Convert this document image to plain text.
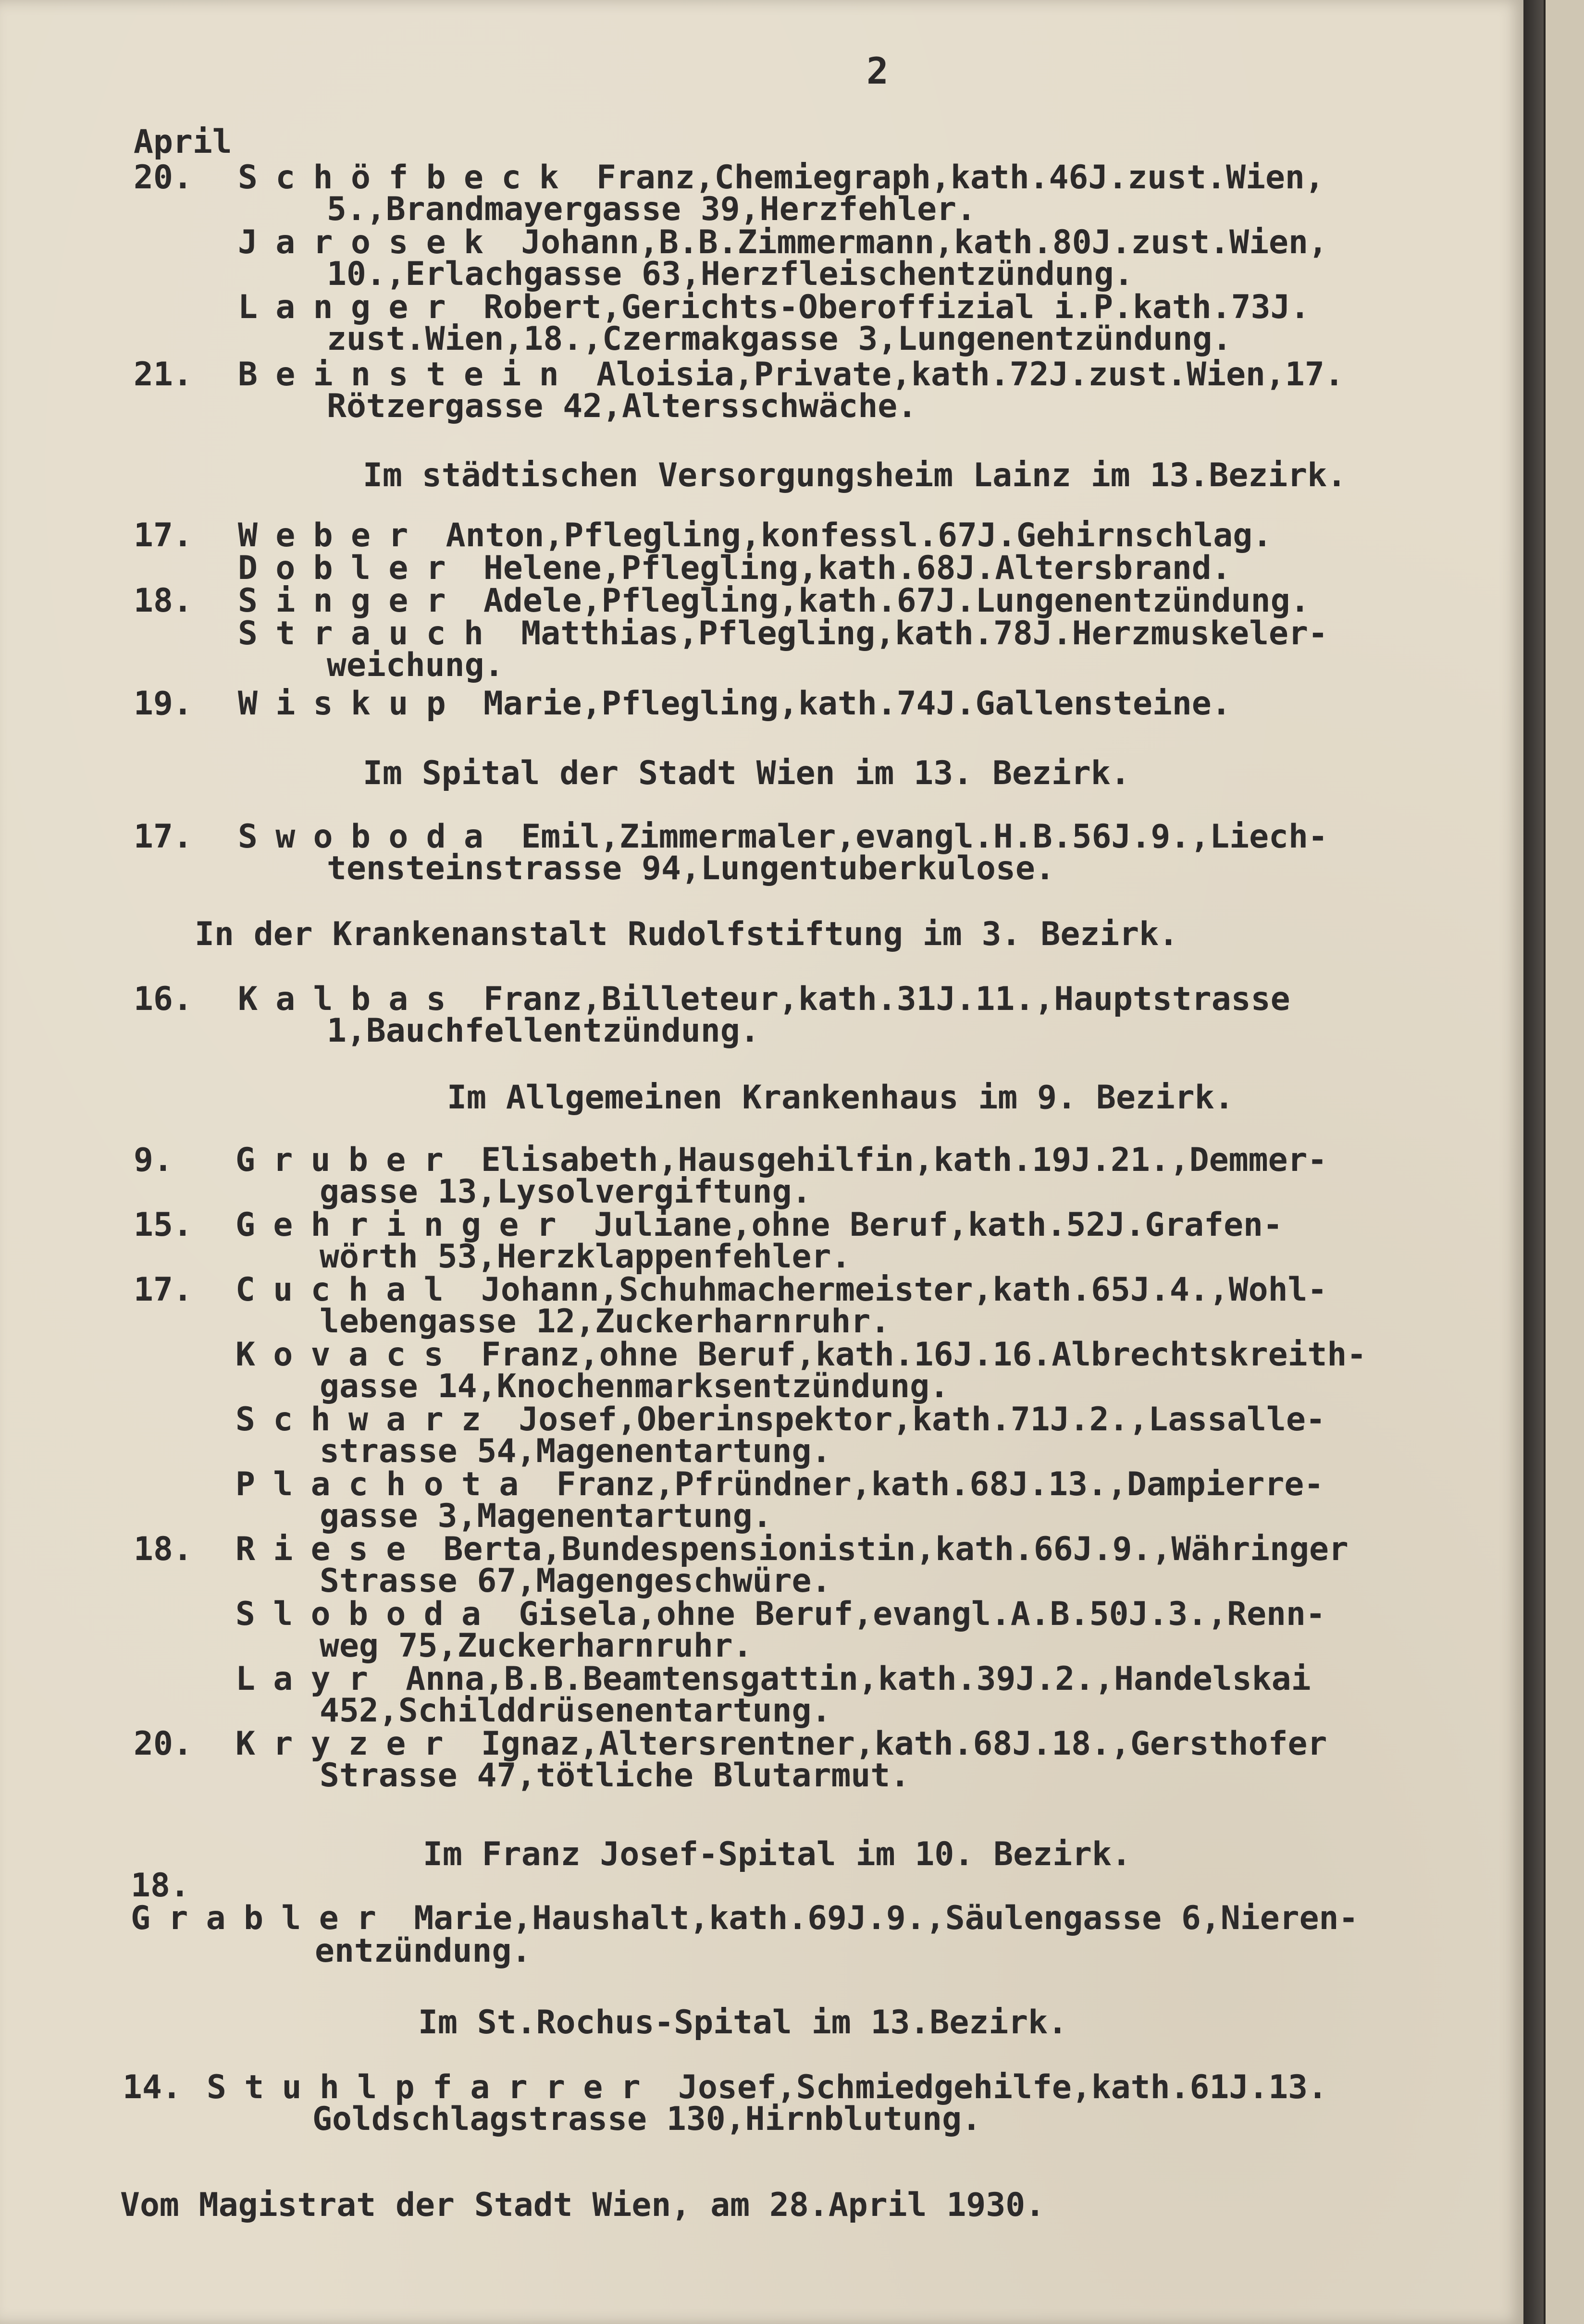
2
April
20. Schöfbeck Franz,Chemiegraph,kath.46J.zust.Wien,
5.,Brandmayergasse 39,Herzfehler.
Jarosek Johann,B.B.Zimmermann,kath.80J.zust.Wien,
10.,Erlachgasse 63,Herzfleischentzündung.
Langer Robert,Gerichts-Oberoffizial i.P.kath.73J.
zust.Wien,18.,Czermakgasse 3,Lungenentzündung.
21. Beinstein Aloisia,Private,kath.72J.zust.Wien,17.
Rötzergasse 42,Altersschwäche.
Im städtischen Versorgungsheim Lainz im 13.Bezirk.
17. Weber Anton,Pflegling,konfessl.67J.Gehirnschlag.
Dobler Helene,Pflegling,kath.68J.Altersbrand.
18. Singer Adele,Pflegling,kath.67J.Lungenentzündung.
Strauch Matthias,Pflegling,kath.78J.Herzmuskeler-
weichung.
19. Wiskup Marie,Pflegling,kath.74J.Gallensteine.
Im Spital der Stadt Wien im 13. Bezirk.
17. Swoboda Emil,Zimmermaler,evangl.H.B.56J.9.,Liech-
tensteinstrasse 94,Lungentuberkulose.
In der Krankenanstalt Rudolfstiftung im 3. Bezirk.
16. Kalbas Franz,Billeteur,kath.31J.11.,Hauptstrasse
1,Bauchfellentzündung.
Im Allgemeinen Krankenhaus im 9. Bezirk.
9. Gruber Elisabeth,Hausgehilfin,kath.19J.21.,Demmer-
gasse 13,Lysolvergiftung.
15. Gehringer Juliane,ohne Beruf,kath.52J.Grafen-
wörth 53,Herzklappenfehler.
17. Cuchal Johann,Schuhmachermeister,kath.65J.4.,Wohl-
lebengasse 12,Zuckerharnruhr.
Kovacs Franz,ohne Beruf,kath.16J.16.Albrechtskreith-
gasse 14,Knochenmarksentzündung.
Schwarz Josef,Oberinspektor,kath.71J.2.,Lassalle-
strasse 54,Magenentartung.
Plachota Franz,Pfründner,kath.68J.13.,Dampierre-
gasse 3,Magenentartung.
18. Riese Berta,Bundespensionistin,kath.66J.9.,Währinger
Strasse 67,Magengeschwüre.
Sloboda Gisela,ohne Beruf,evangl.A.B.50J.3.,Renn-
weg 75,Zuckerharnruhr.
Layr Anna,B.B.Beamtensgattin,kath.39J.2.,Handelskai
452,Schilddrüsenentartung.
20. Kryzer Ignaz,Altersrentner,kath.68J.18.,Gersthofer
Strasse 47,tötliche Blutarmut.
Im Franz Josef-Spital im 10. Bezirk.
18.
Grabler Marie,Haushalt,kath.69J.9.,Säulengasse 6,Nieren-
entzündung.
Im St.Rochus-Spital im 13.Bezirk.
14. Stuhlpfarrer Josef,Schmiedgehilfe,kath.61J.13.
Goldschlagstrasse 130,Hirnblutung.
Vom Magistrat der Stadt Wien, am 28.April 1930.
